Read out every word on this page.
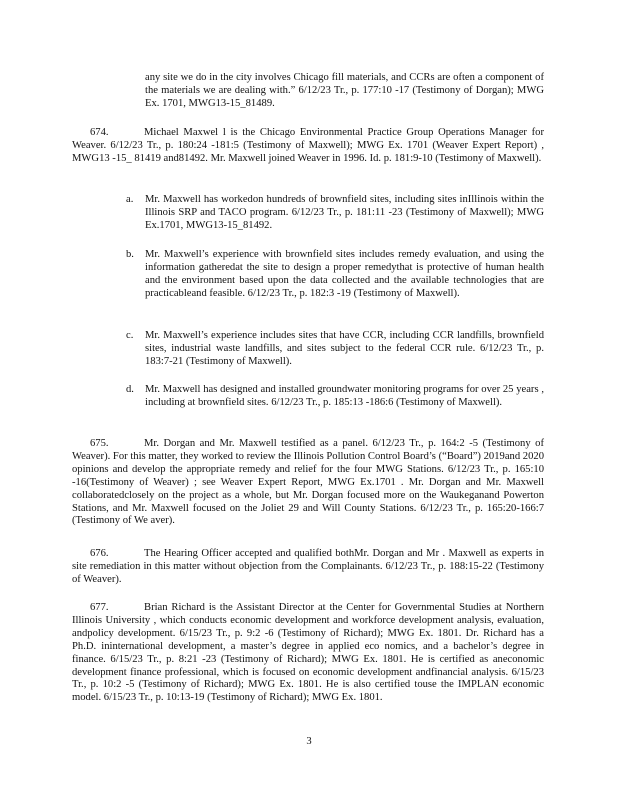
any site we do in the city involves Chicago fill materials, and CCRs are often a component of the materials we are dealing with.” 6/12/23 Tr., p. 177:10 -17 (Testimony of Dorgan); MWG Ex. 1701, MWG13-15_81489.

674.	Michael Maxwel l is the Chicago Environmental Practice Group Operations Manager for Weaver. 6/12/23 Tr., p. 180:24 -181:5 (Testimony of Maxwell); MWG Ex. 1701 (Weaver Expert Report) , MWG13 -15_ 81419 and81492. Mr. Maxwell joined Weaver in 1996. Id. p. 181:9-10 (Testimony of Maxwell).

a.	Mr. Maxwell has workedon hundreds of brownfield sites, including sites inIllinois within the Illinois SRP and TACO program. 6/12/23 Tr., p. 181:11 -23 (Testimony of Maxwell); MWG Ex.1701, MWG13-15_81492.
b.	Mr. Maxwell’s experience with brownfield sites includes remedy evaluation, and using the information gatheredat the site to design a proper remedythat is protective of human health and the environment based upon the data collected and the available technologies that are practicableand feasible. 6/12/23 Tr., p. 182:3 -19 (Testimony of Maxwell).
c.	Mr. Maxwell’s experience includes sites that have CCR, including CCR landfills, brownfield sites, industrial waste landfills, and sites subject to the federal CCR rule. 6/12/23 Tr., p. 183:7-21 (Testimony of Maxwell).
d.	Mr. Maxwell has designed and installed groundwater monitoring programs for over 25 years , including at brownfield sites. 6/12/23 Tr., p. 185:13 -186:6 (Testimony of Maxwell).

675.	Mr. Dorgan and Mr. Maxwell testified as a panel. 6/12/23 Tr., p. 164:2 -5 (Testimony of Weaver). For this matter, they worked to review the Illinois Pollution Control Board’s (“Board”) 2019and 2020 opinions and develop the appropriate remedy and relief for the four MWG Stations. 6/12/23 Tr., p. 165:10 -16(Testimony of Weaver) ; see Weaver Expert Report, MWG Ex.1701 . Mr. Dorgan and Mr. Maxwell collaboratedclosely on the project as a whole, but Mr. Dorgan focused more on the Waukeganand Powerton Stations, and Mr. Maxwell focused on the Joliet 29 and Will County Stations. 6/12/23 Tr., p. 165:20-166:7 (Testimony of We aver).

676.	The Hearing Officer accepted and qualified bothMr. Dorgan and Mr . Maxwell as experts in site remediation in this matter without objection from the Complainants. 6/12/23 Tr., p. 188:15-22 (Testimony of Weaver).

677.	Brian Richard is the Assistant Director at the Center for Governmental Studies at Northern Illinois University , which conducts economic development and workforce development analysis, evaluation, andpolicy development. 6/15/23 Tr., p. 9:2 -6 (Testimony of Richard); MWG Ex. 1801. Dr. Richard has a Ph.D. ininternational development, a master’s degree in applied eco nomics, and a bachelor’s degree in finance. 6/15/23 Tr., p. 8:21 -23 (Testimony of Richard); MWG Ex. 1801. He is certified as aneconomic development finance professional, which is focused on economic development andfinancial analysis. 6/15/23 Tr., p. 10:2 -5 (Testimony of Richard); MWG Ex. 1801. He is also certified touse the IMPLAN economic model. 6/15/23 Tr., p. 10:13-19 (Testimony of Richard); MWG Ex. 1801.

3
